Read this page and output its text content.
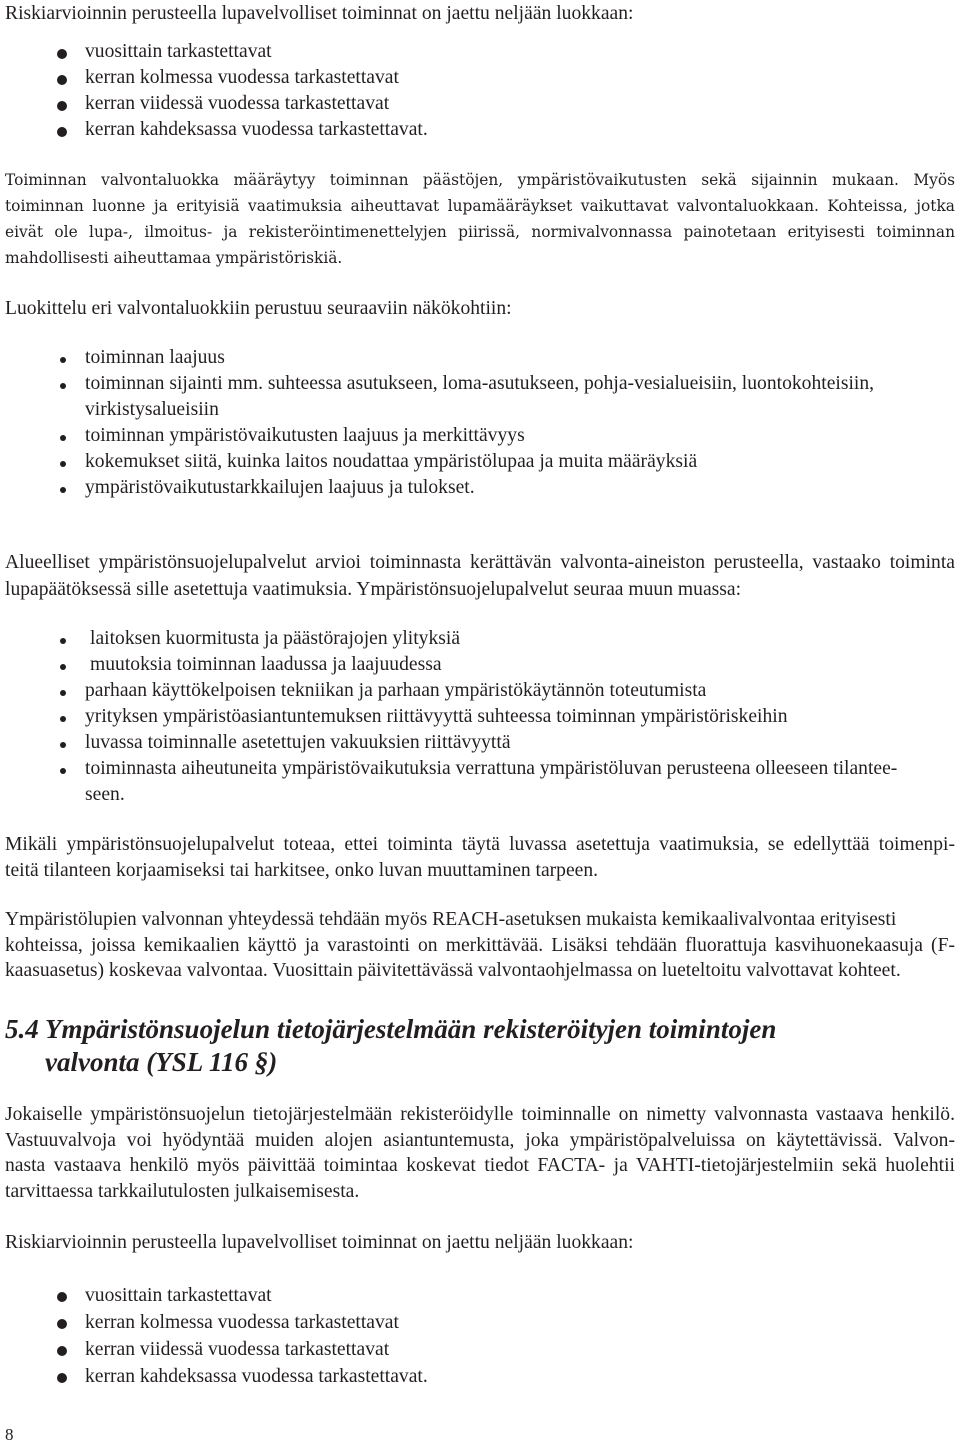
Riskiarvioinnin perusteella lupavelvolliset toiminnat on jaettu neljään luokkaan:
vuosittain tarkastettavat
kerran kolmessa vuodessa tarkastettavat
kerran viidessä vuodessa tarkastettavat
kerran kahdeksassa vuodessa tarkastettavat.
Toiminnan valvontaluokka määräytyy toiminnan päästöjen, ympäristövaikutusten sekä sijainnin mukaan. Myös
toiminnan luonne ja erityisiä vaatimuksia aiheuttavat lupamääräykset vaikuttavat valvontaluokkaan. Kohteissa, jotka
eivät ole lupa-, ilmoitus- ja rekisteröintimenettelyjen piirissä, normivalvonnassa painotetaan erityisesti toiminnan
mahdollisesti aiheuttamaa ympäristöriskiä.
Luokittelu eri valvontaluokkiin perustuu seuraaviin näkökohtiin:
toiminnan laajuus
toiminnan sijainti mm. suhteessa asutukseen, loma-asutukseen, pohja-vesialueisiin, luontokohteisiin,
virkistysalueisiin
toiminnan ympäristövaikutusten laajuus ja merkittävyys
kokemukset siitä, kuinka laitos noudattaa ympäristölupaa ja muita määräyksiä
ympäristövaikutustarkkailujen laajuus ja tulokset.
Alueelliset ympäristönsuojelupalvelut arvioi toiminnasta kerättävän valvonta-aineiston perusteella, vastaako toiminta
lupapäätöksessä sille asetettuja vaatimuksia. Ympäristönsuojelupalvelut seuraa muun muassa:
laitoksen kuormitusta ja päästörajojen ylityksiä
muutoksia toiminnan laadussa ja laajuudessa
parhaan käyttökelpoisen tekniikan ja parhaan ympäristökäytännön toteutumista
yrityksen ympäristöasiantuntemuksen riittävyyttä suhteessa toiminnan ympäristöriskeihin
luvassa toiminnalle asetettujen vakuuksien riittävyyttä
toiminnasta aiheutuneita ympäristövaikutuksia verrattuna ympäristöluvan perusteena olleeseen tilantee-
seen.
Mikäli ympäristönsuojelupalvelut toteaa, ettei toiminta täytä luvassa asetettuja vaatimuksia, se edellyttää toimenpi-
teitä tilanteen korjaamiseksi tai harkitsee, onko luvan muuttaminen tarpeen.
Ympäristölupien valvonnan yhteydessä tehdään myös REACH-asetuksen mukaista kemikaalivalvontaa erityisesti
kohteissa, joissa kemikaalien käyttö ja varastointi on merkittävää. Lisäksi tehdään fluorattuja kasvihuonekaasuja (F-
kaasuasetus) koskevaa valvontaa. Vuosittain päivitettävässä valvontaohjelmassa on lueteltoitu valvottavat kohteet.
5.4 Ympäristönsuojelun tietojärjestelmään rekisteröityjen toimintojen
valvonta (YSL 116 §)
Jokaiselle ympäristönsuojelun tietojärjestelmään rekisteröidylle toiminnalle on nimetty valvonnasta vastaava henkilö.
Vastuuvalvoja voi hyödyntää muiden alojen asiantuntemusta, joka ympäristöpalveluissa on käytettävissä. Valvon-
nasta vastaava henkilö myös päivittää toimintaa koskevat tiedot FACTA- ja VAHTI-tietojärjestelmiin sekä huolehtii
tarvittaessa tarkkailutulosten julkaisemisesta.
Riskiarvioinnin perusteella lupavelvolliset toiminnat on jaettu neljään luokkaan:
vuosittain tarkastettavat
kerran kolmessa vuodessa tarkastettavat
kerran viidessä vuodessa tarkastettavat
kerran kahdeksassa vuodessa tarkastettavat.
8
